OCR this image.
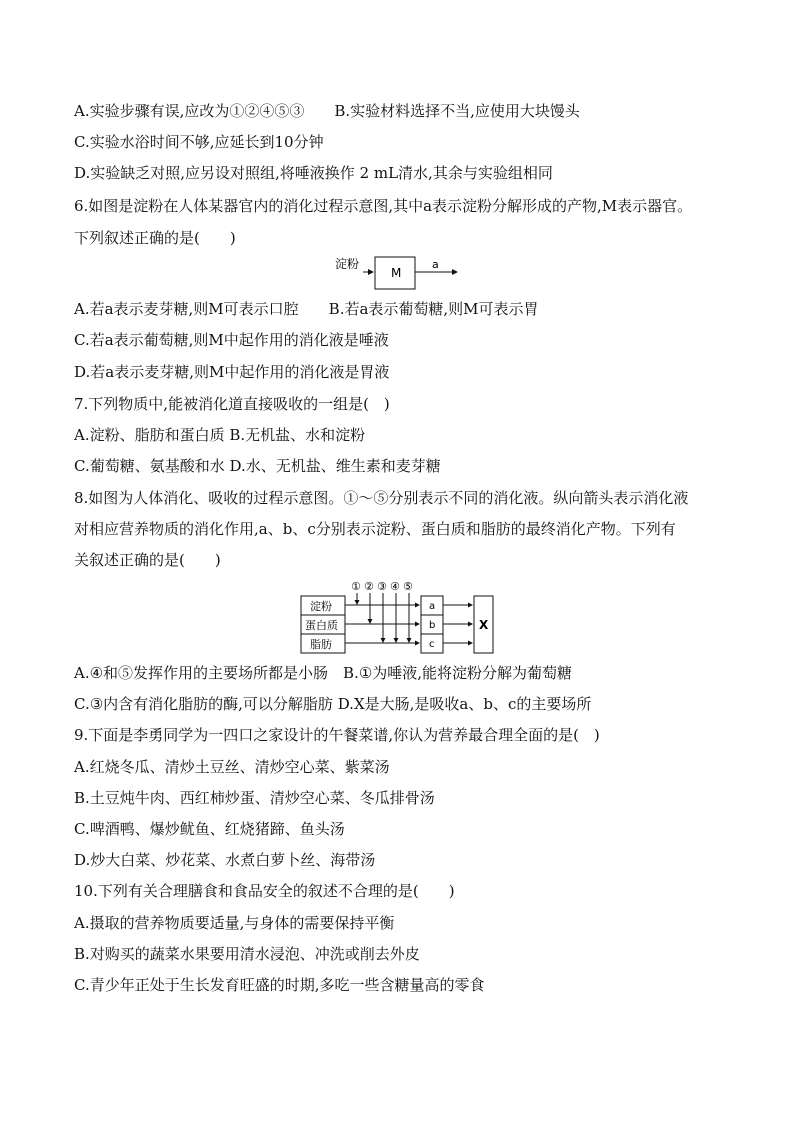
A.实验步骤有误,应改为①②④⑤③　　B.实验材料选择不当,应使用大块馒头
C.实验水浴时间不够,应延长到10分钟
D.实验缺乏对照,应另设对照组,将唾液换作 2 mL清水,其余与实验组相同
6.如图是淀粉在人体某器官内的消化过程示意图,其中a表示淀粉分解形成的产物,M表示器官。
下列叙述正确的是(　　)
淀粉
M
a
A.若a表示麦芽糖,则M可表示口腔　　B.若a表示葡萄糖,则M可表示胃
C.若a表示葡萄糖,则M中起作用的消化液是唾液
D.若a表示麦芽糖,则M中起作用的消化液是胃液
7.下列物质中,能被消化道直接吸收的一组是(　)
A.淀粉、脂肪和蛋白质 B.无机盐、水和淀粉
C.葡萄糖、氨基酸和水 D.水、无机盐、维生素和麦芽糖
8.如图为人体消化、吸收的过程示意图。①～⑤分别表示不同的消化液。纵向箭头表示消化液
对相应营养物质的消化作用,a、b、c分别表示淀粉、蛋白质和脂肪的最终消化产物。下列有
关叙述正确的是(　　)
① ② ③ ④ ⑤
淀粉
蛋白质
脂肪
a
b
c
X
A.④和⑤发挥作用的主要场所都是小肠　B.①为唾液,能将淀粉分解为葡萄糖
C.③内含有消化脂肪的酶,可以分解脂肪 D.X是大肠,是吸收a、b、c的主要场所
9.下面是李勇同学为一四口之家设计的午餐菜谱,你认为营养最合理全面的是(　)
A.红烧冬瓜、清炒土豆丝、清炒空心菜、紫菜汤
B.土豆炖牛肉、西红柿炒蛋、清炒空心菜、冬瓜排骨汤
C.啤酒鸭、爆炒鱿鱼、红烧猪蹄、鱼头汤
D.炒大白菜、炒花菜、水煮白萝卜丝、海带汤
10.下列有关合理膳食和食品安全的叙述不合理的是(　　)
A.摄取的营养物质要适量,与身体的需要保持平衡
B.对购买的蔬菜水果要用清水浸泡、冲洗或削去外皮
C.青少年正处于生长发育旺盛的时期,多吃一些含糖量高的零食
